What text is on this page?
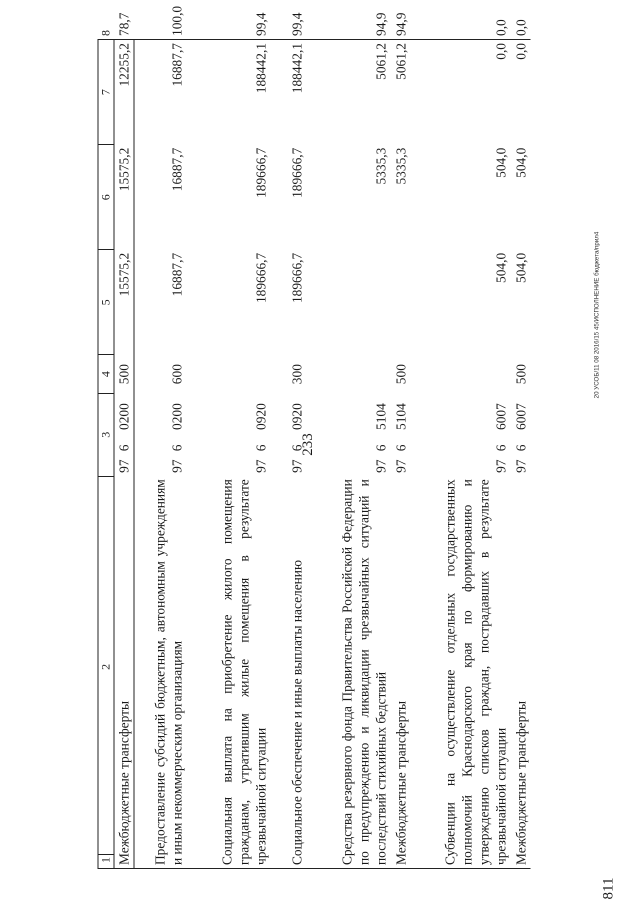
233
811
20 УСОБ/11 08 2016/15 45/ИСПОЛНЕНИЕ бюджета/прил4
1
2	3			4	5	6	7	8
Межбюджетные трансферты	97	6	0200	500	15575,2	15575,2	12255,2	78,7
Предоставление субсидий бюджетным, автономным учреждениям и иным некоммерческим организациям	97	6	0200	600	16887,7	16887,7	16887,7	100,0
Социальная выплата на приобретение жилого помещения гражданам, утратившим жилые помещения в результате чрезвычайной ситуации	97	6	0920		189666,7	189666,7	188442,1	99,4
Социальное обеспечение и иные выплаты населению	97	6	0920	300	189666,7	189666,7	188442,1	99,4
Средства резервного фонда Правительства Российской Федерации по предупреждению и ликвидации чрезвычайных ситуаций и последствий стихийных бедствий	97	6	5104			5335,3	5061,2	94,9
Межбюджетные трансферты	97	6	5104	500		5335,3	5061,2	94,9
Субвенции на осуществление отдельных государственных полномочий Краснодарского края по формированию и утверждению списков граждан, пострадавших в результате чрезвычайной ситуации	97	6	6007		504,0	504,0	0,0	0,0
Межбюджетные трансферты	97	6	6007	500	504,0	504,0	0,0	0,0
